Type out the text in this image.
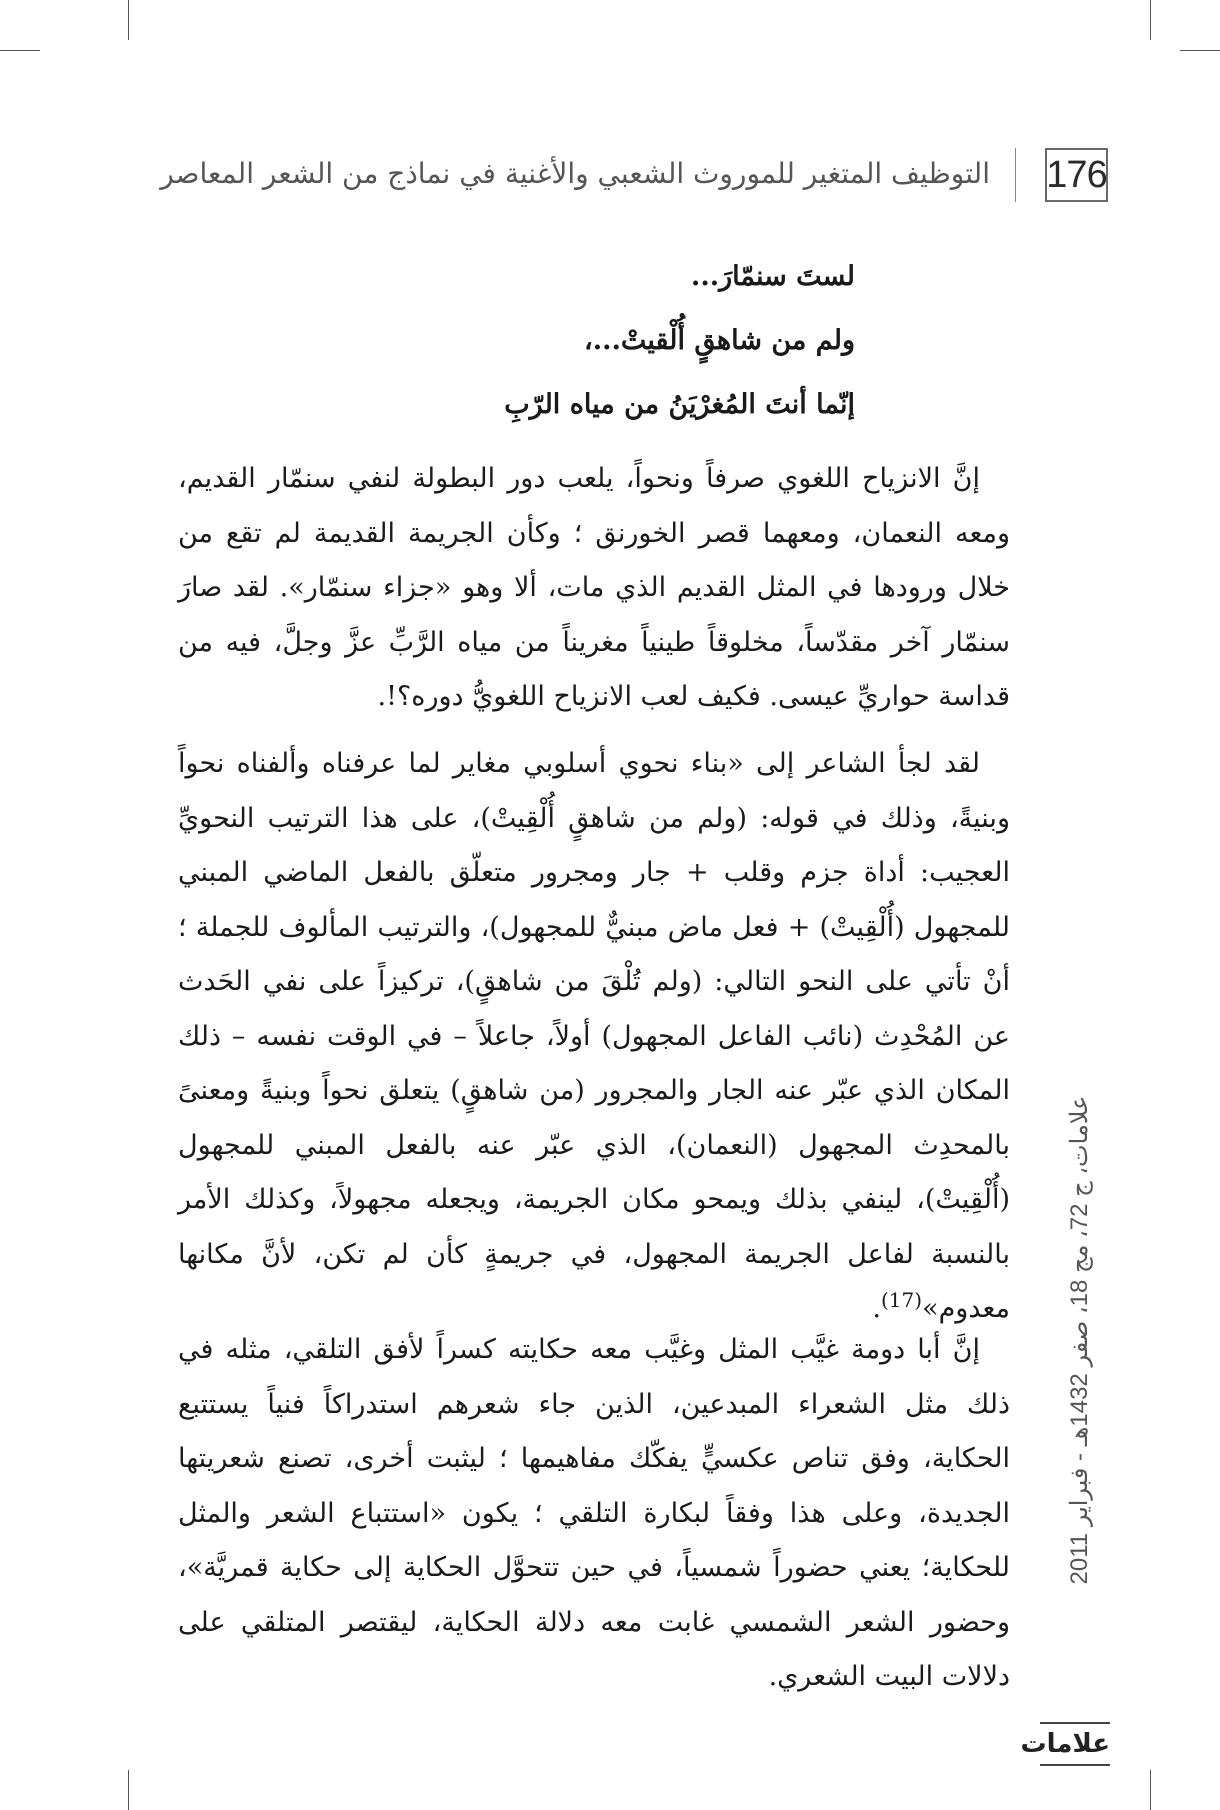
176
التوظيف المتغير للموروث الشعبي والأغنية في نماذج من الشعر المعاصر
لستَ سنمّارَ...
ولم من شاهقٍ أُلْقيتْ...،
إنّما أنتَ المُغرْيَنُ من مياه الرّبِ

إنَّ الانزياح اللغوي صرفاً ونحواً، يلعب دور البطولة لنفي سنمّار القديم، ومعه النعمان، ومعهما قصر الخورنق ؛ وكأن الجريمة القديمة لم تقع من خلال ورودها في المثل القديم الذي مات، ألا وهو «جزاء سنمّار». لقد صارَ سنمّار آخر مقدّساً، مخلوقاً طينياً مغريناً من مياه الرَّبِّ عزَّ وجلَّ، فيه من قداسة حواريِّ عيسى. فكيف لعب الانزياح اللغويُّ دوره؟!.

لقد لجأ الشاعر إلى «بناء نحوي أسلوبي مغاير لما عرفناه وألفناه نحواً وبنيةً، وذلك في قوله: (ولم من شاهقٍ أُلْقِيتْ)، على هذا الترتيب النحويِّ العجيب: أداة جزم وقلب + جار ومجرور متعلّق بالفعل الماضي المبني للمجهول (أُلْقِيتْ) + فعل ماض مبنيٌّ للمجهول)، والترتيب المألوف للجملة ؛ أنْ تأتي على النحو التالي: (ولم تُلْقَ من شاهقٍ)، تركيزاً على نفي الحَدث عن المُحْدِث (نائب الفاعل المجهول) أولاً، جاعلاً – في الوقت نفسه – ذلك المكان الذي عبّر عنه الجار والمجرور (من شاهقٍ) يتعلق نحواً وبنيةً ومعنىً بالمحدِث المجهول (النعمان)، الذي عبّر عنه بالفعل المبني للمجهول (أُلْقِيتْ)، لينفي بذلك ويمحو مكان الجريمة، ويجعله مجهولاً، وكذلك الأمر بالنسبة لفاعل الجريمة المجهول، في جريمةٍ كأن لم تكن، لأنَّ مكانها معدوم»$^{(17)}$.

إنَّ أبا دومة غيَّب المثل وغيَّب معه حكايته كسراً لأفق التلقي، مثله في ذلك مثل الشعراء المبدعين، الذين جاء شعرهم استدراكاً فنياً يستتبع الحكاية، وفق تناص عكسيٍّ يفكّك مفاهيمها ؛ ليثبت أخرى، تصنع شعريتها الجديدة، وعلى هذا وفقاً لبكارة التلقي ؛ يكون «استتباع الشعر والمثل للحكاية؛ يعني حضوراً شمسياً، في حين تتحوَّل الحكاية إلى حكاية قمريَّة»، وحضور الشعر الشمسي غابت معه دلالة الحكاية، ليقتصر المتلقي على دلالات البيت الشعري.

علامات، ج 72، مج 18، صفر 1432هـ - فبراير 2011
علامات
